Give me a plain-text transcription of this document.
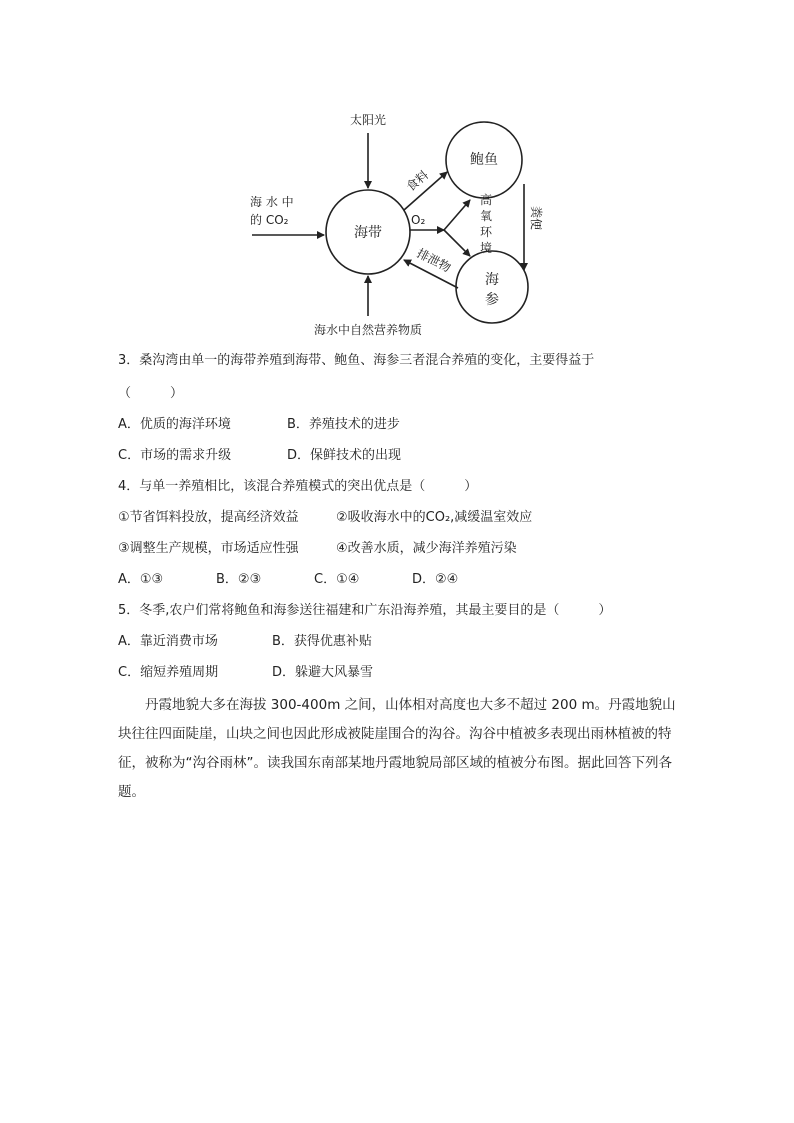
太阳光
海 水 中
的 CO₂
海带
鲍鱼
海
参
食料
O₂
高
氧
环
境
粪便
排泄物
海水中自然营养物质
3．桑沟湾由单一的海带养殖到海带、鲍鱼、海参三者混合养殖的变化，主要得益于
（　　　）
A．优质的海洋环境	B．养殖技术的进步
C．市场的需求升级	D．保鲜技术的出现
4．与单一养殖相比，该混合养殖模式的突出优点是（　　　）
①节省饵料投放，提高经济效益	②吸收海水中的CO₂,减缓温室效应
③调整生产规模，市场适应性强	④改善水质，减少海洋养殖污染
A．①③	B．②③	C．①④	D．②④
5．冬季,农户们常将鲍鱼和海参送往福建和广东沿海养殖，其最主要目的是（　　　）
A．靠近消费市场	B．获得优惠补贴
C．缩短养殖周期	D．躲避大风暴雪
丹霞地貌大多在海拔 300-400m 之间，山体相对高度也大多不超过 200 m。丹霞地貌山块往往四面陡崖，山块之间也因此形成被陡崖围合的沟谷。沟谷中植被多表现出雨林植被的特征，被称为“沟谷雨林”。读我国东南部某地丹霞地貌局部区域的植被分布图。据此回答下列各题。
